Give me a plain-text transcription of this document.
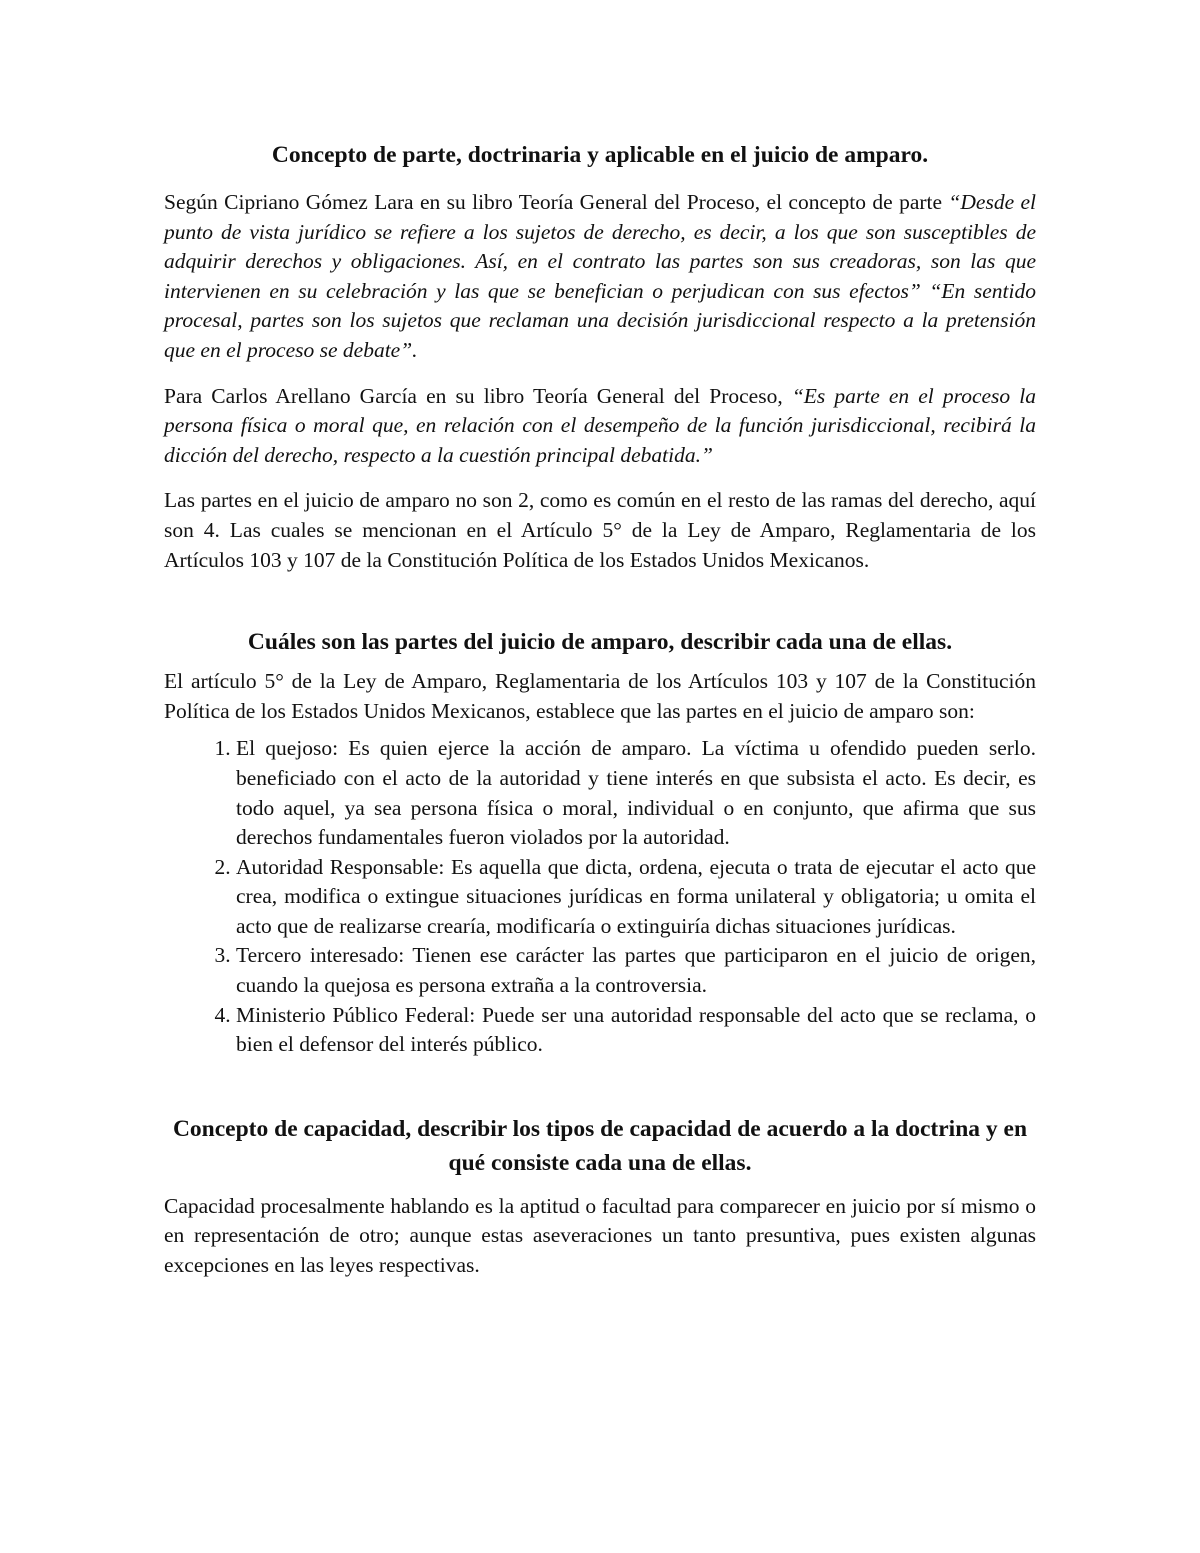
Concepto de parte, doctrinaria y aplicable en el juicio de amparo.

Según Cipriano Gómez Lara en su libro Teoría General del Proceso, el concepto de parte “Desde el punto de vista jurídico se refiere a los sujetos de derecho, es decir, a los que son susceptibles de adquirir derechos y obligaciones. Así, en el contrato las partes son sus creadoras, son las que intervienen en su celebración y las que se benefician o perjudican con sus efectos” “En sentido procesal, partes son los sujetos que reclaman una decisión jurisdiccional respecto a la pretensión que en el proceso se debate”.

Para Carlos Arellano García en su libro Teoría General del Proceso, “Es parte en el proceso la persona física o moral que, en relación con el desempeño de la función jurisdiccional, recibirá la dicción del derecho, respecto a la cuestión principal debatida.”

Las partes en el juicio de amparo no son 2, como es común en el resto de las ramas del derecho, aquí son 4. Las cuales se mencionan en el Artículo 5° de la Ley de Amparo, Reglamentaria de los Artículos 103 y 107 de la Constitución Política de los Estados Unidos Mexicanos.

Cuáles son las partes del juicio de amparo, describir cada una de ellas.

El artículo 5° de la Ley de Amparo, Reglamentaria de los Artículos 103 y 107 de la Constitución Política de los Estados Unidos Mexicanos, establece que las partes en el juicio de amparo son:

1. El quejoso: Es quien ejerce la acción de amparo. La víctima u ofendido pueden serlo. beneficiado con el acto de la autoridad y tiene interés en que subsista el acto. Es decir, es todo aquel, ya sea persona física o moral, individual o en conjunto, que afirma que sus derechos fundamentales fueron violados por la autoridad.
2. Autoridad Responsable: Es aquella que dicta, ordena, ejecuta o trata de ejecutar el acto que crea, modifica o extingue situaciones jurídicas en forma unilateral y obligatoria; u omita el acto que de realizarse crearía, modificaría o extinguiría dichas situaciones jurídicas.
3. Tercero interesado: Tienen ese carácter las partes que participaron en el juicio de origen, cuando la quejosa es persona extraña a la controversia.
4. Ministerio Público Federal: Puede ser una autoridad responsable del acto que se reclama, o bien el defensor del interés público.
Concepto de capacidad, describir los tipos de capacidad de acuerdo a la doctrina y en qué consiste cada una de ellas.

Capacidad procesalmente hablando es la aptitud o facultad para comparecer en juicio por sí mismo o en representación de otro; aunque estas aseveraciones un tanto presuntiva, pues existen algunas excepciones en las leyes respectivas.
